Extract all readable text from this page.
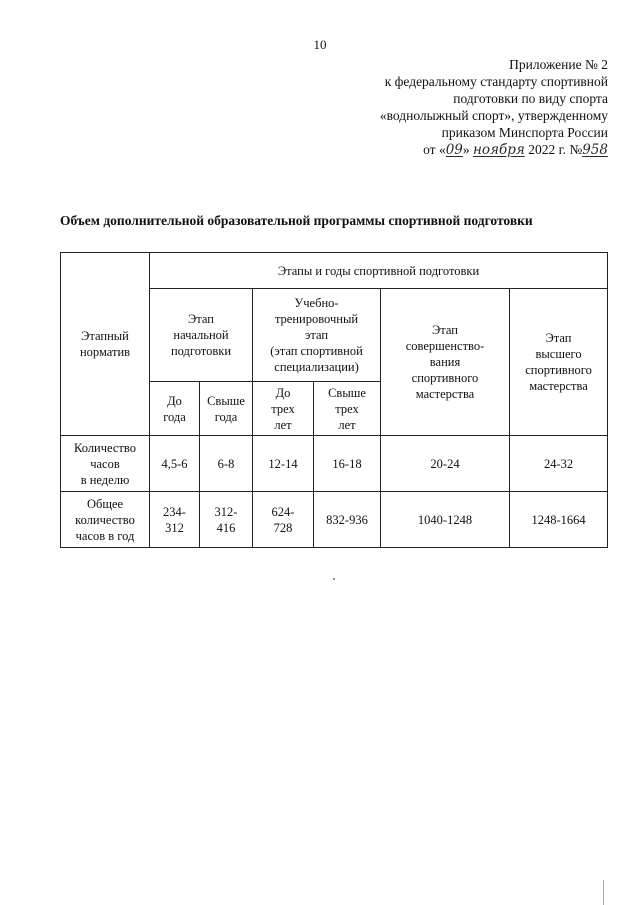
10
Приложение № 2
к федеральному стандарту спортивной
подготовки по виду спорта
«воднолыжный спорт», утвержденному
приказом Минспорта России
от «09» ноября 2022 г. №958
Объем дополнительной образовательной программы спортивной подготовки
Этапный
норматив	Этапы и годы спортивной подготовки					
	Этап
начальной
подготовки		Учебно-
тренировочный
этап
(этап спортивной
специализации)		Этап
совершенство-
вания
спортивного
мастерства	Этап
высшего
спортивного
мастерства
	До
года	Свыше
года	До
трех
лет	Свыше
трех
лет		
Количество
часов
в неделю	4,5-6	6-8	12-14	16-18	20-24	24-32
Общее
количество
часов в год	234-
312	312-
416	624-
728	832-936	1040-1248	1248-1664
